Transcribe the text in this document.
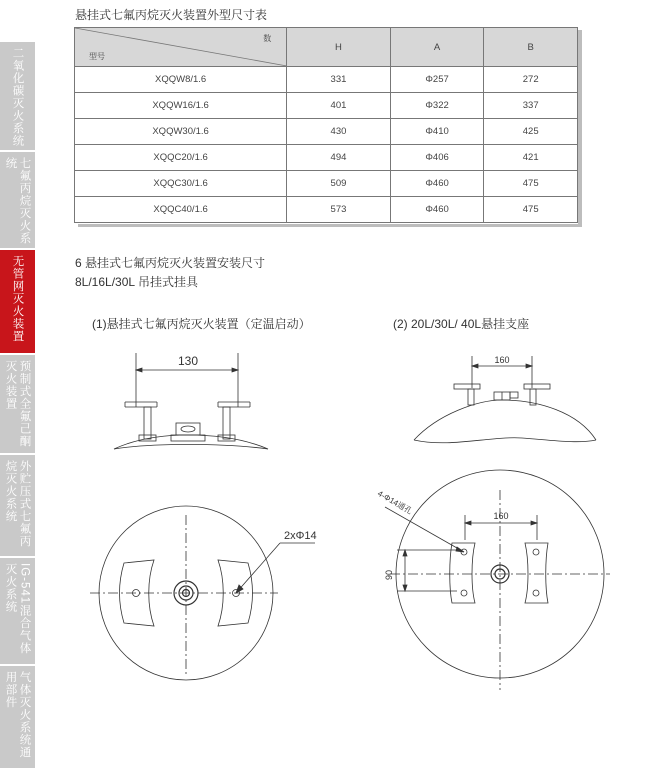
二氧化碳灭火系统
七氟丙烷灭火系统
无管网灭火装置
预制式全氟己酮灭火装置
外贮压式七氟丙烷灭火系统
IG-541混合气体灭火系统
气体灭火系统通用部件
悬挂式七氟丙烷灭火装置外型尺寸表
数
型号	H	A	B
XQQW8/1.6	331	Φ257	272
XQQW16/1.6	401	Φ322	337
XQQW30/1.6	430	Φ410	425
XQQC20/1.6	494	Φ406	421
XQQC30/1.6	509	Φ460	475
XQQC40/1.6	573	Φ460	475
6 悬挂式七氟丙烷灭火装置安装尺寸
8L/16L/30L 吊挂式挂具
(1)悬挂式七氟丙烷灭火装置（定温启动）	(2) 20L/30L/ 40L悬挂支座
130
2xΦ14
160
160
90
4-Φ14通孔
